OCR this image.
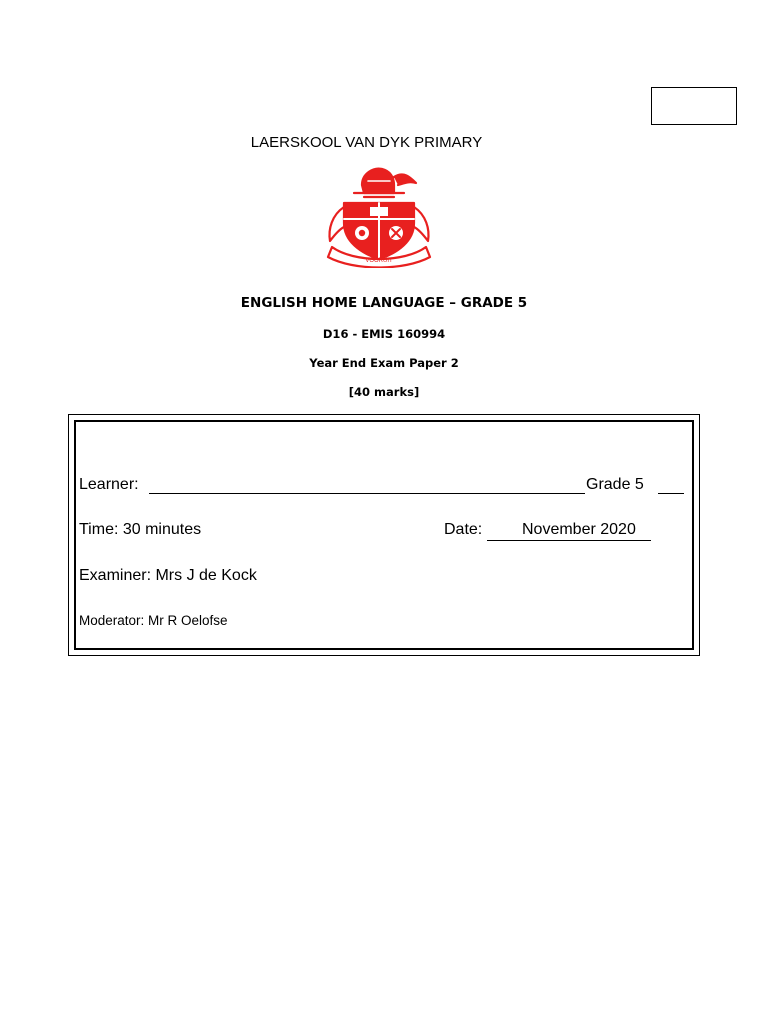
LAERSKOOL VAN DYK PRIMARY
VOORUIT
ENGLISH HOME LANGUAGE – GRADE 5
D16 - EMIS 160994
Year End Exam Paper 2
[40 marks]
Learner:	Grade 5
Time: 30 minutes	Date: November 2020
Examiner: Mrs J de Kock
Moderator: Mr R Oelofse
